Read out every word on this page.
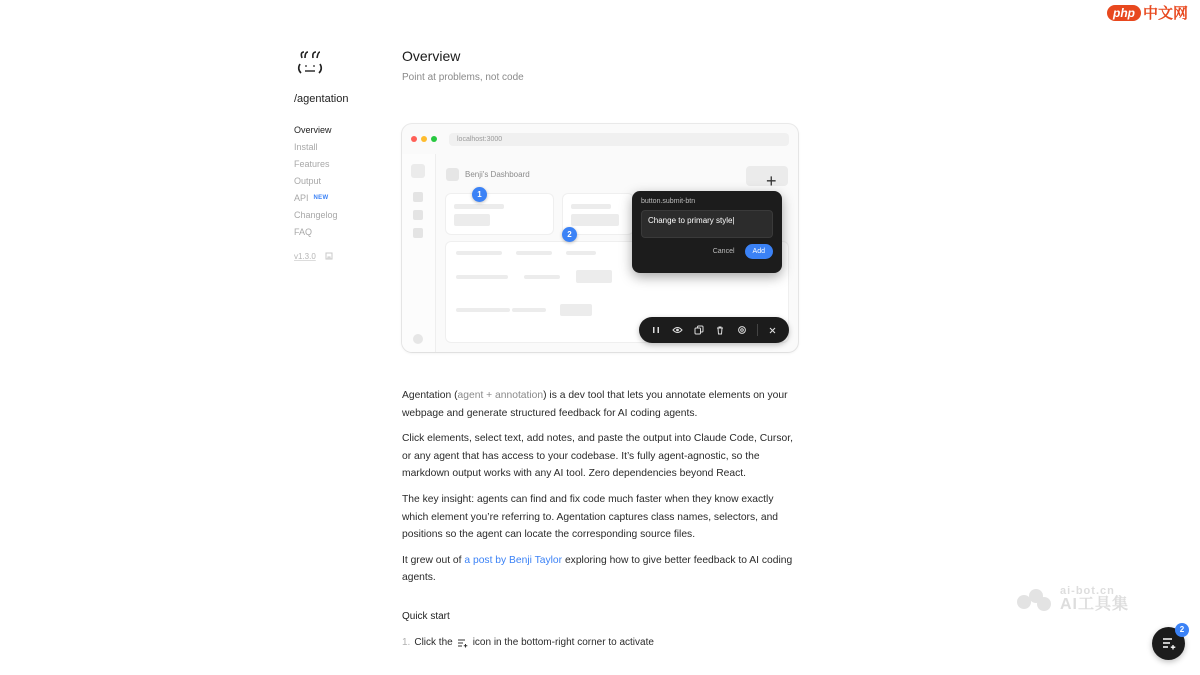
php 中文网
/agentation
Overview
Install
Features
Output
API NEW
Changelog
FAQ
v1.3.0
Overview
Point at problems, not code
localhost:3000
Benji's Dashboard	+
1
2
button.submit-btn
Change to primary style|
Cancel	Add

Agentation (agent + annotation) is a dev tool that lets you annotate elements on your webpage and generate structured feedback for AI coding agents.

Click elements, select text, add notes, and paste the output into Claude Code, Cursor, or any agent that has access to your codebase. It’s fully agent-agnostic, so the markdown output works with any AI tool. Zero dependencies beyond React.

The key insight: agents can find and fix code much faster when they know exactly which element you’re referring to. Agentation captures class names, selectors, and positions so the agent can locate the corresponding source files.

It grew out of a post by Benji Taylor exploring how to give better feedback to AI coding agents.

Quick start
1. Click the icon in the bottom-right corner to activate
ai-bot.cn
AI工具集
2
